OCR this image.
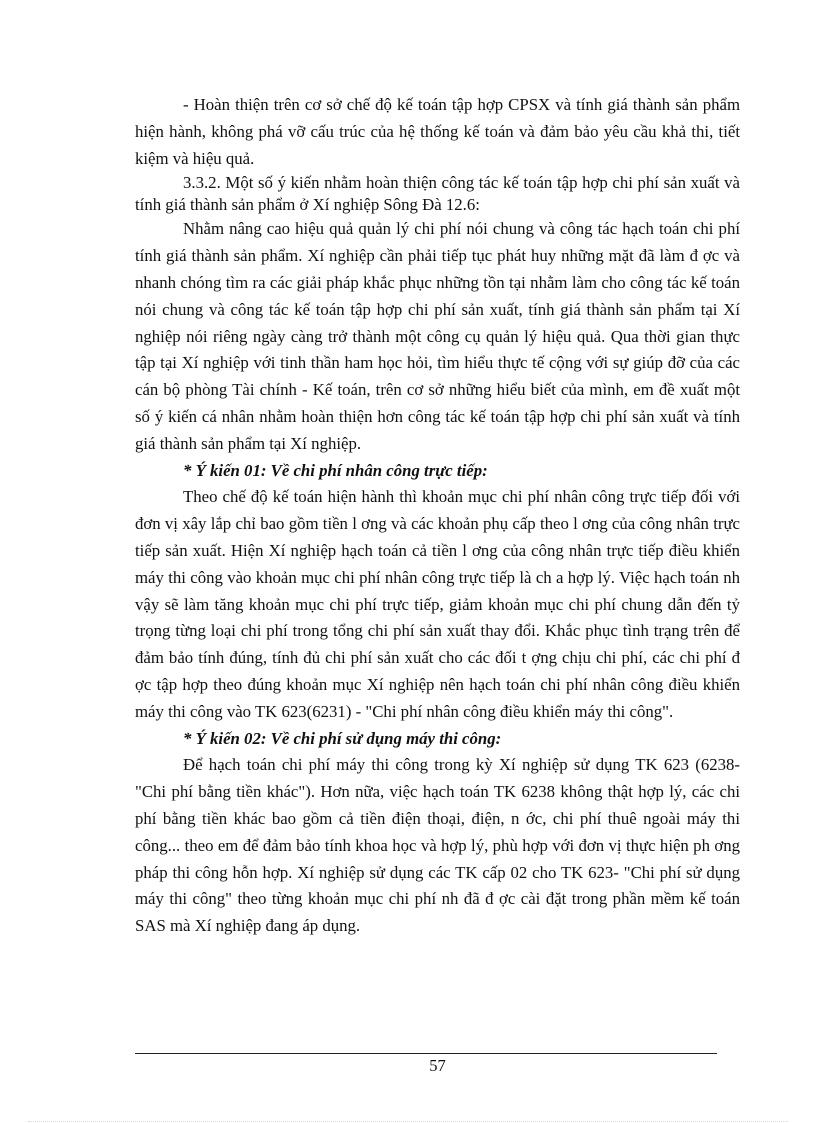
- Hoàn thiện trên cơ sở chế độ kế toán tập hợp CPSX và tính giá thành sản phẩm hiện hành, không phá vỡ cấu trúc của hệ thống kế toán và đảm bảo yêu cầu khả thi, tiết kiệm và hiệu quả.

3.3.2. Một số ý kiến nhằm hoàn thiện công tác kế toán tập hợp chi phí sản xuất và tính giá thành sản phẩm ở Xí nghiệp Sông Đà 12.6:

Nhằm nâng cao hiệu quả quản lý chi phí nói chung và công tác hạch toán chi phí tính giá thành sản phẩm. Xí nghiệp cần phải tiếp tục phát huy những mặt đã làm đ ợc và nhanh chóng tìm ra các giải pháp khắc phục những tồn tại nhằm làm cho công tác kế toán nói chung và công tác kế toán tập hợp chi phí sản xuất, tính giá thành sản phẩm tại Xí nghiệp nói riêng ngày càng trở thành một công cụ quản lý hiệu quả. Qua thời gian thực tập tại Xí nghiệp với tinh thần ham học hỏi, tìm hiểu thực tế cộng với sự giúp đỡ của các cán bộ phòng Tài chính - Kế toán, trên cơ sở những hiểu biết của mình, em đề xuất một số ý kiến cá nhân nhằm hoàn thiện hơn công tác kế toán tập hợp chi phí sản xuất và tính giá thành sản phẩm tại Xí nghiệp.

* Ý kiến 01: Về chi phí nhân công trực tiếp:

Theo chế độ kế toán hiện hành thì khoản mục chi phí nhân công trực tiếp đối với đơn vị xây lắp chỉ bao gồm tiền l ơng và các khoản phụ cấp theo l ơng của công nhân trực tiếp sản xuất. Hiện Xí nghiệp hạch toán cả tiền l ơng của công nhân trực tiếp điều khiển máy thi công vào khoản mục chi phí nhân công trực tiếp là ch a hợp lý. Việc hạch toán nh vậy sẽ làm tăng khoản mục chi phí trực tiếp, giảm khoản mục chi phí chung dẫn đến tỷ trọng từng loại chi phí trong tổng chi phí sản xuất thay đổi. Khắc phục tình trạng trên để đảm bảo tính đúng, tính đủ chi phí sản xuất cho các đối t ợng chịu chi phí, các chi phí đ ợc tập hợp theo đúng khoản mục Xí nghiệp nên hạch toán chi phí nhân công điều khiển máy thi công vào TK 623(6231) - "Chi phí nhân công điều khiển máy thi công".

* Ý kiến 02: Về chi phí sử dụng máy thi công:

Để hạch toán chi phí máy thi công trong kỳ Xí nghiệp sử dụng TK 623 (6238- "Chi phí bằng tiền khác"). Hơn nữa, việc hạch toán TK 6238 không thật hợp lý, các chi phí bằng tiền khác bao gồm cả tiền điện thoại, điện, n ớc, chi phí thuê ngoài máy thi công... theo em để đảm bảo tính khoa học và hợp lý, phù hợp với đơn vị thực hiện ph ơng pháp thi công hỗn hợp. Xí nghiệp sử dụng các TK cấp 02 cho TK 623- "Chi phí sử dụng máy thi công" theo từng khoản mục chi phí nh đã đ ợc cài đặt trong phần mềm kế toán SAS mà Xí nghiệp đang áp dụng.

57
